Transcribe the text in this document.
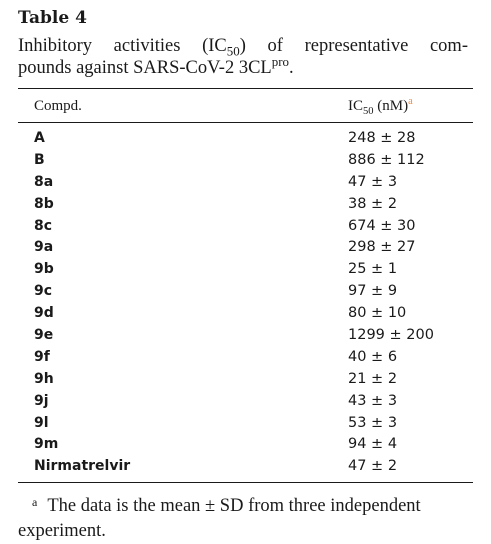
Table 4
Inhibitory activities $(IC_{50})$ of representative com-
pounds against SARS-CoV-2 $3CL^{pro}$.
Compd.	$IC_{50}$ (nM)$^a$
A	248 ± 28
B	886 ± 112
8a	47 ± 3
8b	38 ± 2
8c	674 ± 30
9a	298 ± 27
9b	25 ± 1
9c	97 ± 9
9d	80 ± 10
9e	1299 ± 200
9f	40 ± 6
9h	21 ± 2
9j	43 ± 3
9l	53 ± 3
9m	94 ± 4
Nirmatrelvir	47 ± 2
$^a$ The data is the mean ± SD from three independent experiment.
